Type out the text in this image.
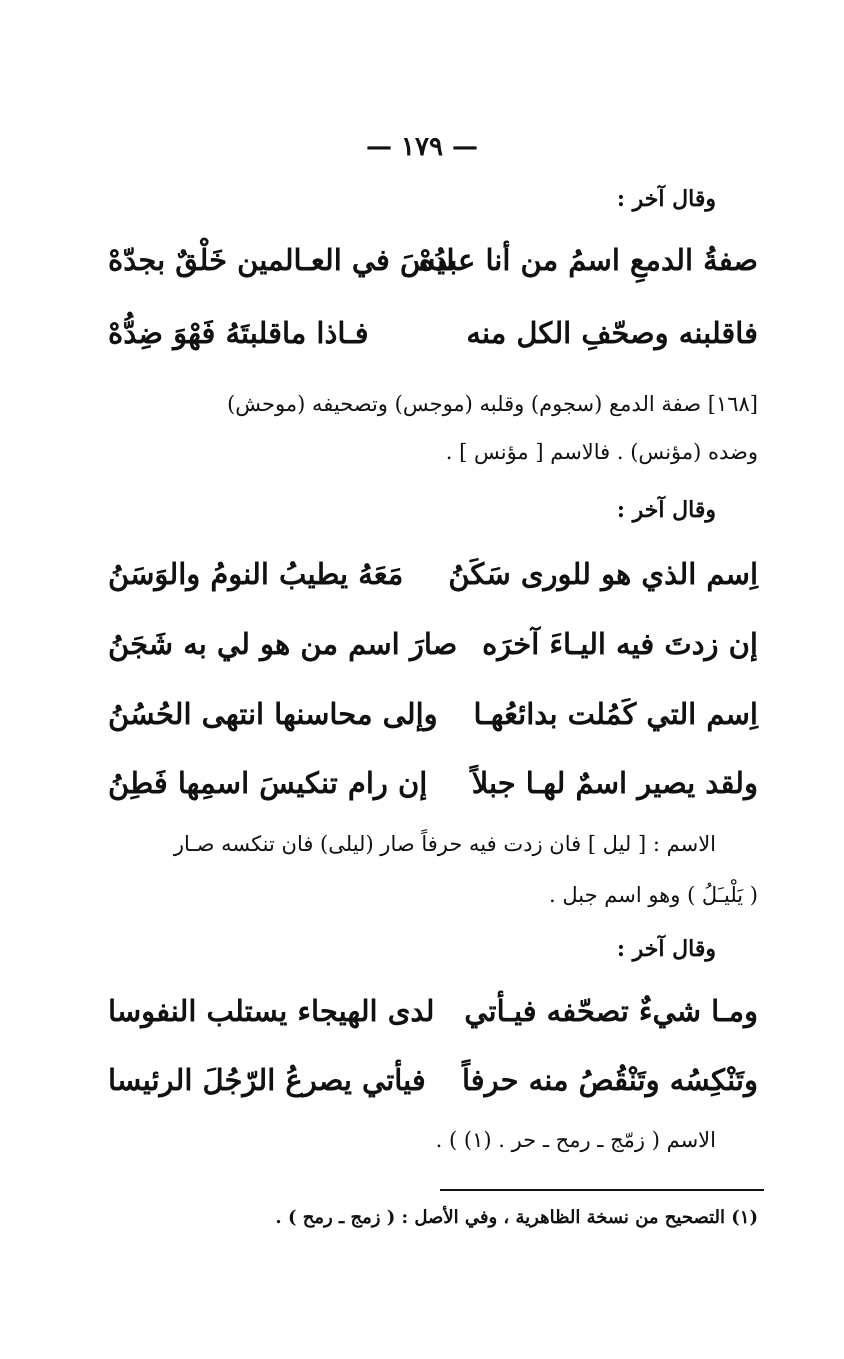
— ١٧٩ —
وقال آخر :
صفةُ الدمعِ اسمُ من أنا عبدُهْ
ليسَ في العـالمين خَلْقٌ بجدّهْ
فاقلبنه وصحّفِ الكل منه
فـاذا ماقلبتَهُ فَهْوَ ضِدُّهْ
[١٦٨] صفة الدمع (سجوم) وقلبه (موجس) وتصحيفه (موحش)
وضده (مؤنس) . فالاسم [ مؤنس ] .
وقال آخر :
اِسم الذي هو للورى سَكَنُ
مَعَهُ يطيبُ النومُ والوَسَنُ
إن زدتَ فيه اليـاءَ آخرَه
صارَ اسم من هو لي به شَجَنُ
اِسم التي كَمُلت بدائعُهـا
وإلى محاسنها انتهى الحُسُنُ
ولقد يصير اسمٌ لهـا جبلاً
إن رام تنكيسَ اسمِها فَطِنُ
الاسم : [ ليل ] فان زدت فيه حرفاً صار (ليلى) فان تنكسه صـار
( يَلْيـَلُ ) وهو اسم جبل .
وقال آخر :
ومـا شيءٌ تصحّفه فيـأتي
لدى الهيجاء يستلب النفوسا
وتَنْكِسُه وتَنْقُصُ منه حرفاً
فيأتي يصرعُ الرّجُلَ الرئيسا
الاسم ( زمّج ـ رمح ـ حر . (١) ) .
(١) التصحيح من نسخة الظاهرية ، وفي الأصل : ( زمج ـ رمح ) .
